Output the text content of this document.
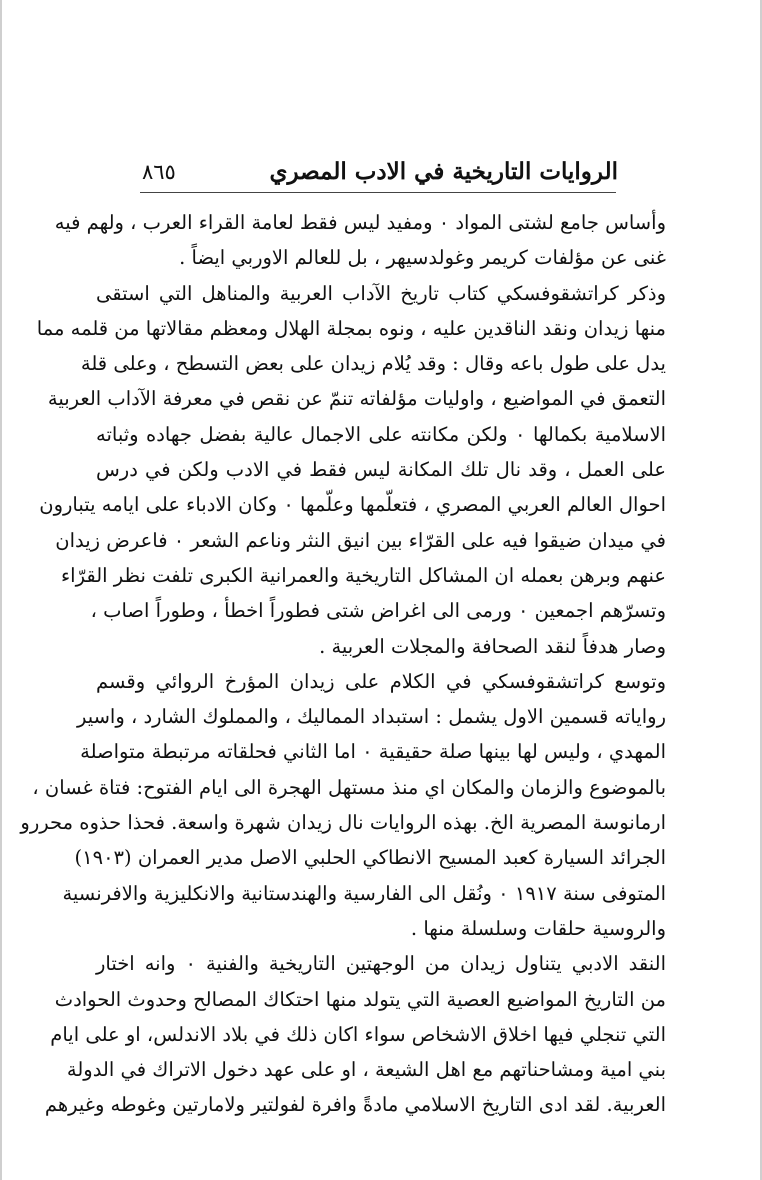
٨٦٥	الروايات التاريخية في الادب المصري
وأساس جامع لشتى المواد ٠ ومفيد ليس فقط لعامة القراء العرب ، ولهم فيه
غنى عن مؤلفات كريمر وغولدسيهر ، بل للعالم الاوربي ايضاً .
وذكر كراتشقوفسكي كتاب تاريخ الآداب العربية والمناهل التي استقى
منها زيدان ونقد الناقدين عليه ، ونوه بمجلة الهلال ومعظم مقالاتها من قلمه مما
يدل على طول باعه وقال : وقد يُلام زيدان على بعض التسطح ، وعلى قلة
التعمق في المواضيع ، واوليات مؤلفاته تنمّ عن نقص في معرفة الآداب العربية
الاسلامية بكمالها ٠ ولكن مكانته على الاجمال عالية بفضل جهاده وثباته
على العمل ، وقد نال تلك المكانة ليس فقط في الادب ولكن في درس
احوال العالم العربي المصري ، فتعلّمها وعلّمها ٠ وكان الادباء على ايامه يتبارون
في ميدان ضيقوا فيه على القرّاء بين انيق النثر وناعم الشعر ٠ فاعرض زيدان
عنهم وبرهن بعمله ان المشاكل التاريخية والعمرانية الكبرى تلفت نظر القرّاء
وتسرّهم اجمعين ٠ ورمى الى اغراض شتى فطوراً اخطأ ، وطوراً اصاب ،
وصار هدفاً لنقد الصحافة والمجلات العربية .
وتوسع كراتشقوفسكي في الكلام على زيدان المؤرخ الروائي وقسم
رواياته قسمين الاول يشمل : استبداد المماليك ، والمملوك الشارد ، واسير
المهدي ، وليس لها بينها صلة حقيقية ٠ اما الثاني فحلقاته مرتبطة متواصلة
بالموضوع والزمان والمكان اي منذ مستهل الهجرة الى ايام الفتوح: فتاة غسان ،
ارمانوسة المصرية الخ. بهذه الروايات نال زيدان شهرة واسعة. فحذا حذوه محررو
الجرائد السيارة كعبد المسيح الانطاكي الحلبي الاصل مدير العمران (١٩٠٣)
المتوفى سنة ١٩١٧ ٠ ونُقل الى الفارسية والهندستانية والانكليزية والافرنسية
والروسية حلقات وسلسلة منها .
النقد الادبي يتناول زيدان من الوجهتين التاريخية والفنية ٠ وانه اختار
من التاريخ المواضيع العصية التي يتولد منها احتكاك المصالح وحدوث الحوادث
التي تنجلي فيها اخلاق الاشخاص سواء اكان ذلك في بلاد الاندلس، او على ايام
بني امية ومشاحناتهم مع اهل الشيعة ، او على عهد دخول الاتراك في الدولة
العربية. لقد ادى التاريخ الاسلامي مادةً وافرة لفولتير ولامارتين وغوطه وغيرهم
